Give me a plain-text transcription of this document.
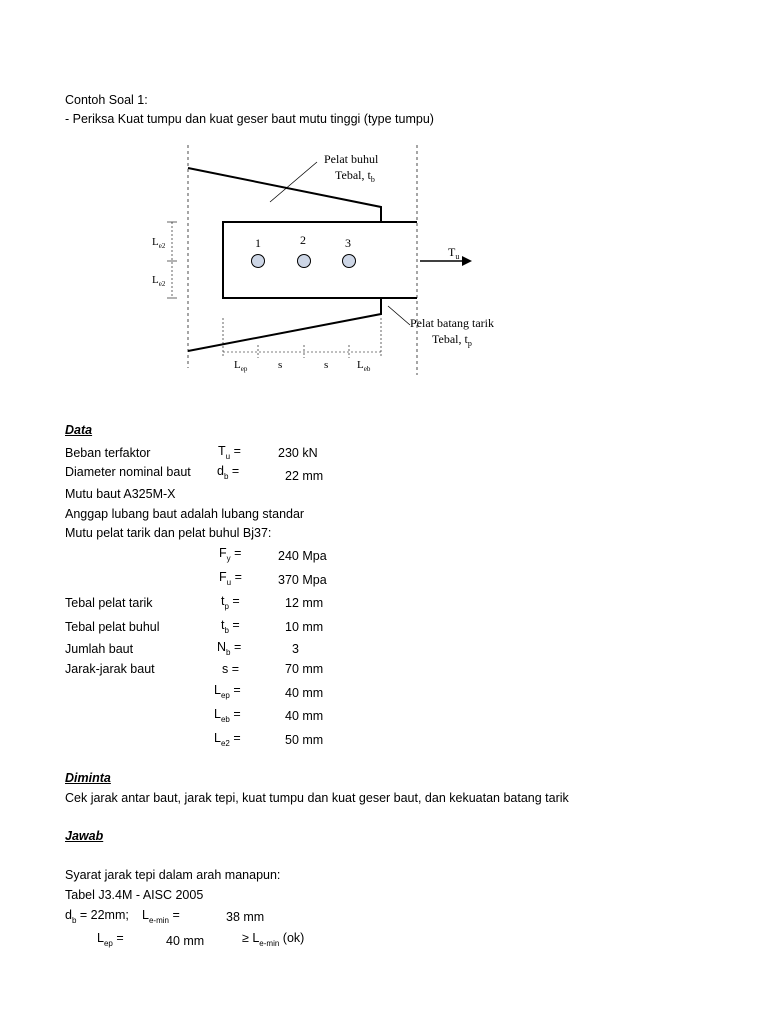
Contoh Soal 1:
- Periksa Kuat tumpu dan kuat geser baut mutu tinggi (type tumpu)
1	2	3
$T_u$
Pelat buhul
Tebal, $t_b$
Pelat batang tarik
Tebal, $t_p$
$L_{e2}$
$L_{e2}$
$L_{ep}$	s	s	$L_{eb}$
Data
Beban terfaktor	Tu =	230 kN
Diameter nominal baut db =	22 mm
Mutu baut A325M-X
Anggap lubang baut adalah lubang standar
Mutu pelat tarik dan pelat buhul Bj37:
Fy =	240 Mpa
Fu =	370 Mpa
Tebal pelat tarik	tp =	12 mm
Tebal pelat buhul	tb =	10 mm
Jumlah baut	Nb =	3
Jarak-jarak baut	s =	70 mm
Lep =	40 mm
Leb =	40 mm
Le2 =	50 mm
Diminta
Cek jarak antar baut, jarak tepi, kuat tumpu dan kuat geser baut, dan kekuatan batang tarik
Jawab
Syarat jarak tepi dalam arah manapun:
Tabel J3.4M - AISC 2005
db = 22mm; Le-min =	38 mm
Lep =	40 mm	≥ Le-min (ok)
